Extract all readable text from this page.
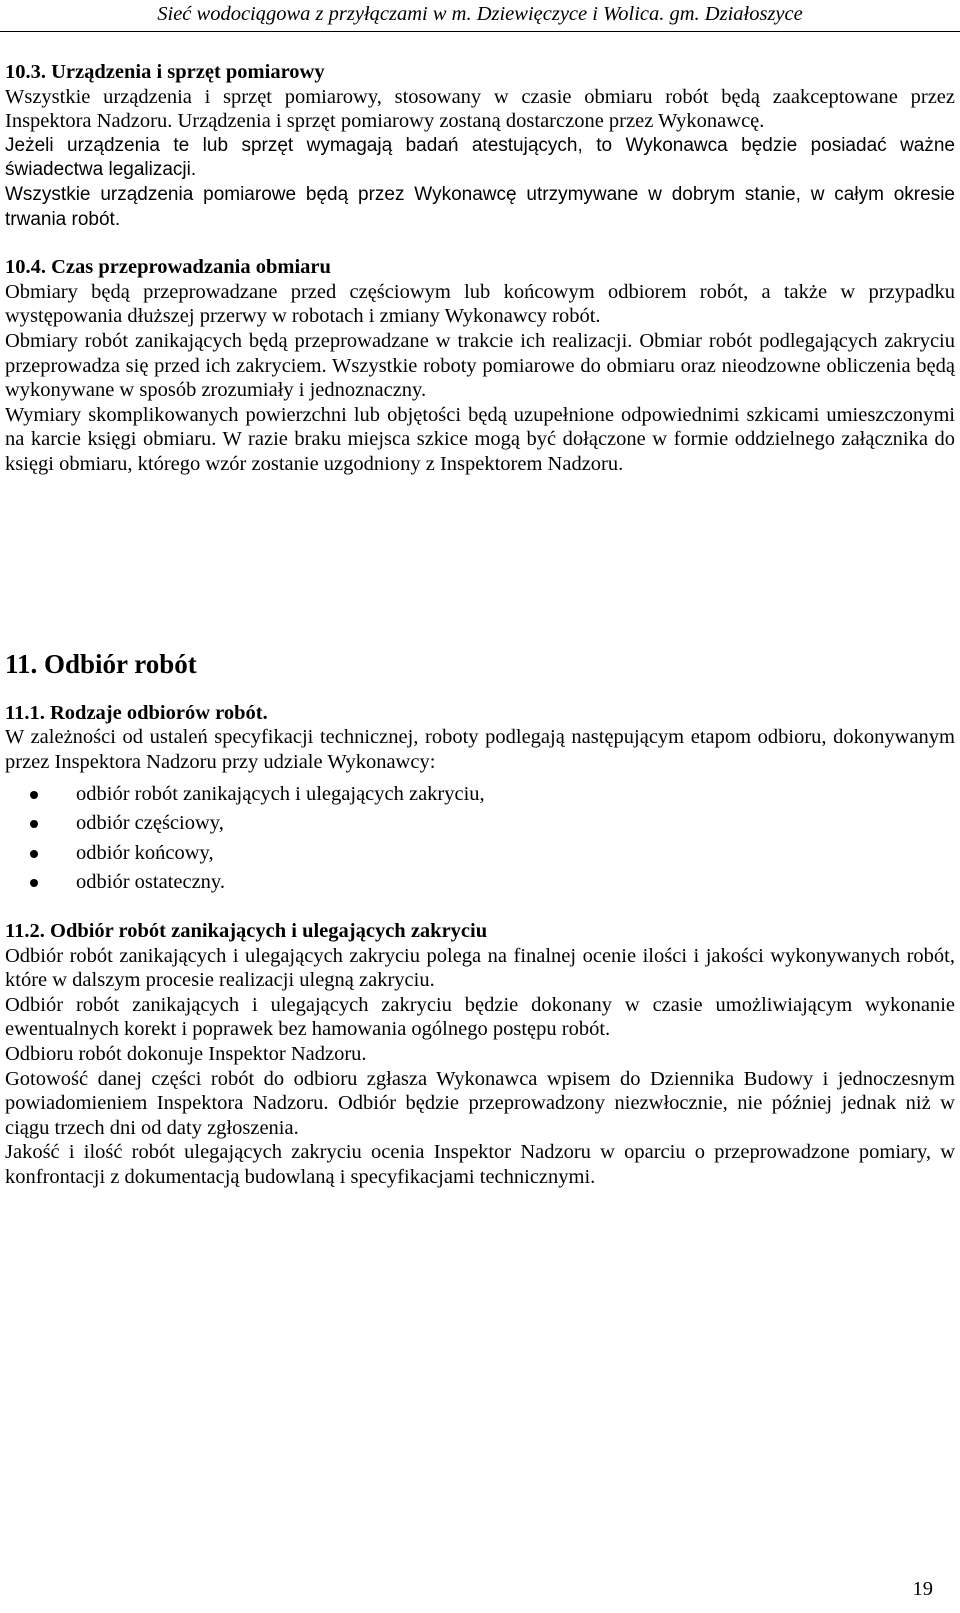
Sieć wodociągowa z przyłączami w m. Dziewięczyce i Wolica. gm. Działoszyce
10.3. Urządzenia i sprzęt pomiarowy

Wszystkie urządzenia i sprzęt pomiarowy, stosowany w czasie obmiaru robót będą zaakceptowane przez Inspektora Nadzoru. Urządzenia i sprzęt pomiarowy zostaną dostarczone przez Wykonawcę.

Jeżeli urządzenia te lub sprzęt wymagają badań atestujących, to Wykonawca będzie posiadać ważne świadectwa legalizacji.

Wszystkie urządzenia pomiarowe będą przez Wykonawcę utrzymywane w dobrym stanie, w całym okresie trwania robót.

10.4. Czas przeprowadzania obmiaru

Obmiary będą przeprowadzane przed częściowym lub końcowym odbiorem robót, a także w przypadku występowania dłuższej przerwy w robotach i zmiany Wykonawcy robót.

Obmiary robót zanikających będą przeprowadzane w trakcie ich realizacji. Obmiar robót podlegających zakryciu przeprowadza się przed ich zakryciem. Wszystkie roboty pomiarowe do obmiaru oraz nieodzowne obliczenia będą wykonywane w sposób zrozumiały i jednoznaczny.

Wymiary skomplikowanych powierzchni lub objętości będą uzupełnione odpowiednimi szkicami umieszczonymi na karcie księgi obmiaru. W razie braku miejsca szkice mogą być dołączone w formie oddzielnego załącznika do księgi obmiaru, którego wzór zostanie uzgodniony z Inspektorem Nadzoru.

11. Odbiór robót
11.1. Rodzaje odbiorów robót.

W zależności od ustaleń specyfikacji technicznej, roboty podlegają następującym etapom odbioru, dokonywanym przez Inspektora Nadzoru przy udziale Wykonawcy:

odbiór robót zanikających i ulegających zakryciu,
odbiór częściowy,
odbiór końcowy,
odbiór ostateczny.
11.2. Odbiór robót zanikających i ulegających zakryciu

Odbiór robót zanikających i ulegających zakryciu polega na finalnej ocenie ilości i jakości wykonywanych robót, które w dalszym procesie realizacji ulegną zakryciu.

Odbiór robót zanikających i ulegających zakryciu będzie dokonany w czasie umożliwiającym wykonanie ewentualnych korekt i poprawek bez hamowania ogólnego postępu robót.

Odbioru robót dokonuje Inspektor Nadzoru.

Gotowość danej części robót do odbioru zgłasza Wykonawca wpisem do Dziennika Budowy i jednoczesnym powiadomieniem Inspektora Nadzoru. Odbiór będzie przeprowadzony niezwłocznie, nie później jednak niż w ciągu trzech dni od daty zgłoszenia.

Jakość i ilość robót ulegających zakryciu ocenia Inspektor Nadzoru w oparciu o przeprowadzone pomiary, w konfrontacji z dokumentacją budowlaną i specyfikacjami technicznymi.

19
